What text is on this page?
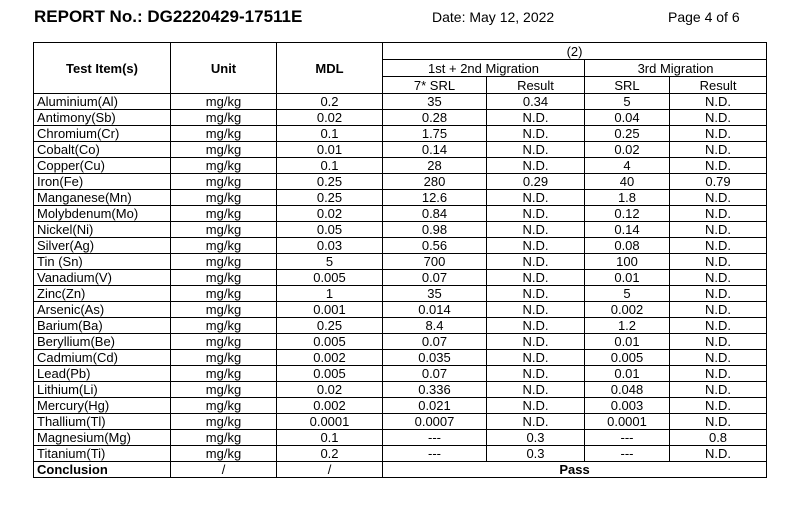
REPORT No.: DG2220429-17511E	Date: May 12, 2022	Page 4 of 6
Test Item(s)	Unit	MDL	(2)			
			1st + 2nd Migration		3rd Migration	
			7* SRL	Result	SRL	Result
Aluminium(Al)	mg/kg	0.2	35	0.34	5	N.D.
Antimony(Sb)	mg/kg	0.02	0.28	N.D.	0.04	N.D.
Chromium(Cr)	mg/kg	0.1	1.75	N.D.	0.25	N.D.
Cobalt(Co)	mg/kg	0.01	0.14	N.D.	0.02	N.D.
Copper(Cu)	mg/kg	0.1	28	N.D.	4	N.D.
Iron(Fe)	mg/kg	0.25	280	0.29	40	0.79
Manganese(Mn)	mg/kg	0.25	12.6	N.D.	1.8	N.D.
Molybdenum(Mo)	mg/kg	0.02	0.84	N.D.	0.12	N.D.
Nickel(Ni)	mg/kg	0.05	0.98	N.D.	0.14	N.D.
Silver(Ag)	mg/kg	0.03	0.56	N.D.	0.08	N.D.
Tin (Sn)	mg/kg	5	700	N.D.	100	N.D.
Vanadium(V)	mg/kg	0.005	0.07	N.D.	0.01	N.D.
Zinc(Zn)	mg/kg	1	35	N.D.	5	N.D.
Arsenic(As)	mg/kg	0.001	0.014	N.D.	0.002	N.D.
Barium(Ba)	mg/kg	0.25	8.4	N.D.	1.2	N.D.
Beryllium(Be)	mg/kg	0.005	0.07	N.D.	0.01	N.D.
Cadmium(Cd)	mg/kg	0.002	0.035	N.D.	0.005	N.D.
Lead(Pb)	mg/kg	0.005	0.07	N.D.	0.01	N.D.
Lithium(Li)	mg/kg	0.02	0.336	N.D.	0.048	N.D.
Mercury(Hg)	mg/kg	0.002	0.021	N.D.	0.003	N.D.
Thallium(Tl)	mg/kg	0.0001	0.0007	N.D.	0.0001	N.D.
Magnesium(Mg)	mg/kg	0.1	---	0.3	---	0.8
Titanium(Ti)	mg/kg	0.2	---	0.3	---	N.D.
Conclusion	/	/	Pass			
